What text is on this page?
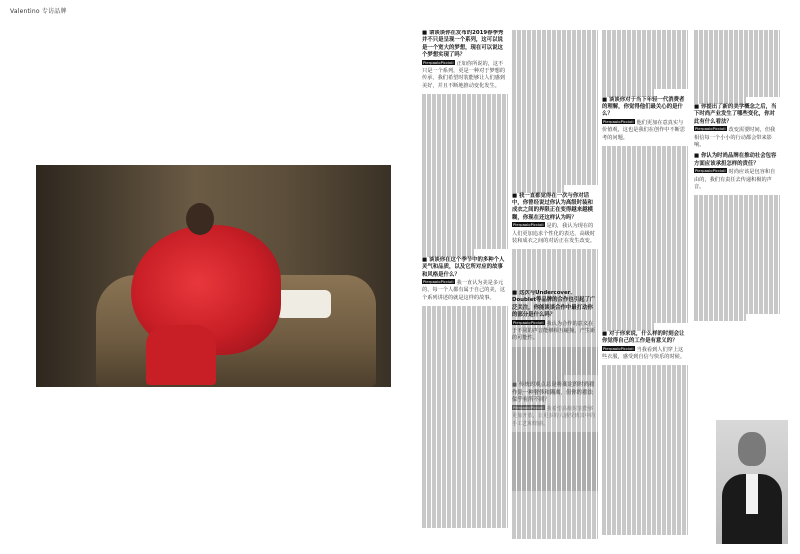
Valentino 专访品牌
■ 请谈谈你在发布的2019春季秀并不只是呈现一个系列，这可以说是一个宽大的梦想，现在可以说这个梦想实现了吗？
PierpaoloPiccioli 正如你所说的，这不只是一个系列，更是一种对于梦想的传承，我们希望时装能够让人们感到美好，并且不断地推动变化发生。
■ 谈谈你在这个季节中的多种个人灵气和品质，以及它所对应的故事和风格是什么？
PierpaoloPiccioli 我一直认为美是多元的，每一个人都有属于自己的美，这个系列讲述的就是这样的故事。
■ 我一直都觉得在一次与你对话中，你曾经说过你认为高级时装和成衣之间的界限正在变得越来越模糊，你现在还这样认为吗？
PierpaoloPiccioli 是的，我认为现在的人们更加追求个性化的表达，高级时装和成衣之间的对话正在发生改变。
■ 谈谈你对于当下年轻一代消费者的理解，你觉得他们最关心的是什么？
PierpaoloPiccioli 他们更加在意真实与价值观，这也是我们在创作中不断思考的问题。
■ 对于你来说，什么样的时刻会让你觉得自己的工作是有意义的？
PierpaoloPiccioli 当我看到人们穿上这些衣服，感受到自信与快乐的时候。
■ 你提出了新的美学概念之后，当下时尚产业发生了哪些变化，你对此有什么看法？
PierpaoloPiccioli 改变需要时间，但我相信每一个小小的行动都会带来影响。
■ 你认为时尚品牌在推动社会包容方面应该承担怎样的责任？
PierpaoloPiccioli 时尚应该是包容和自由的，我们有责任去传递积极的声音。
■ 这次与Undercover、Doublet等品牌的合作也引起了广泛关注，你能谈谈合作中最打动你的部分是什么吗？
PierpaoloPiccioli 我认为合作的意义在于不同的声音能够相互碰撞，产生新的可能性。
